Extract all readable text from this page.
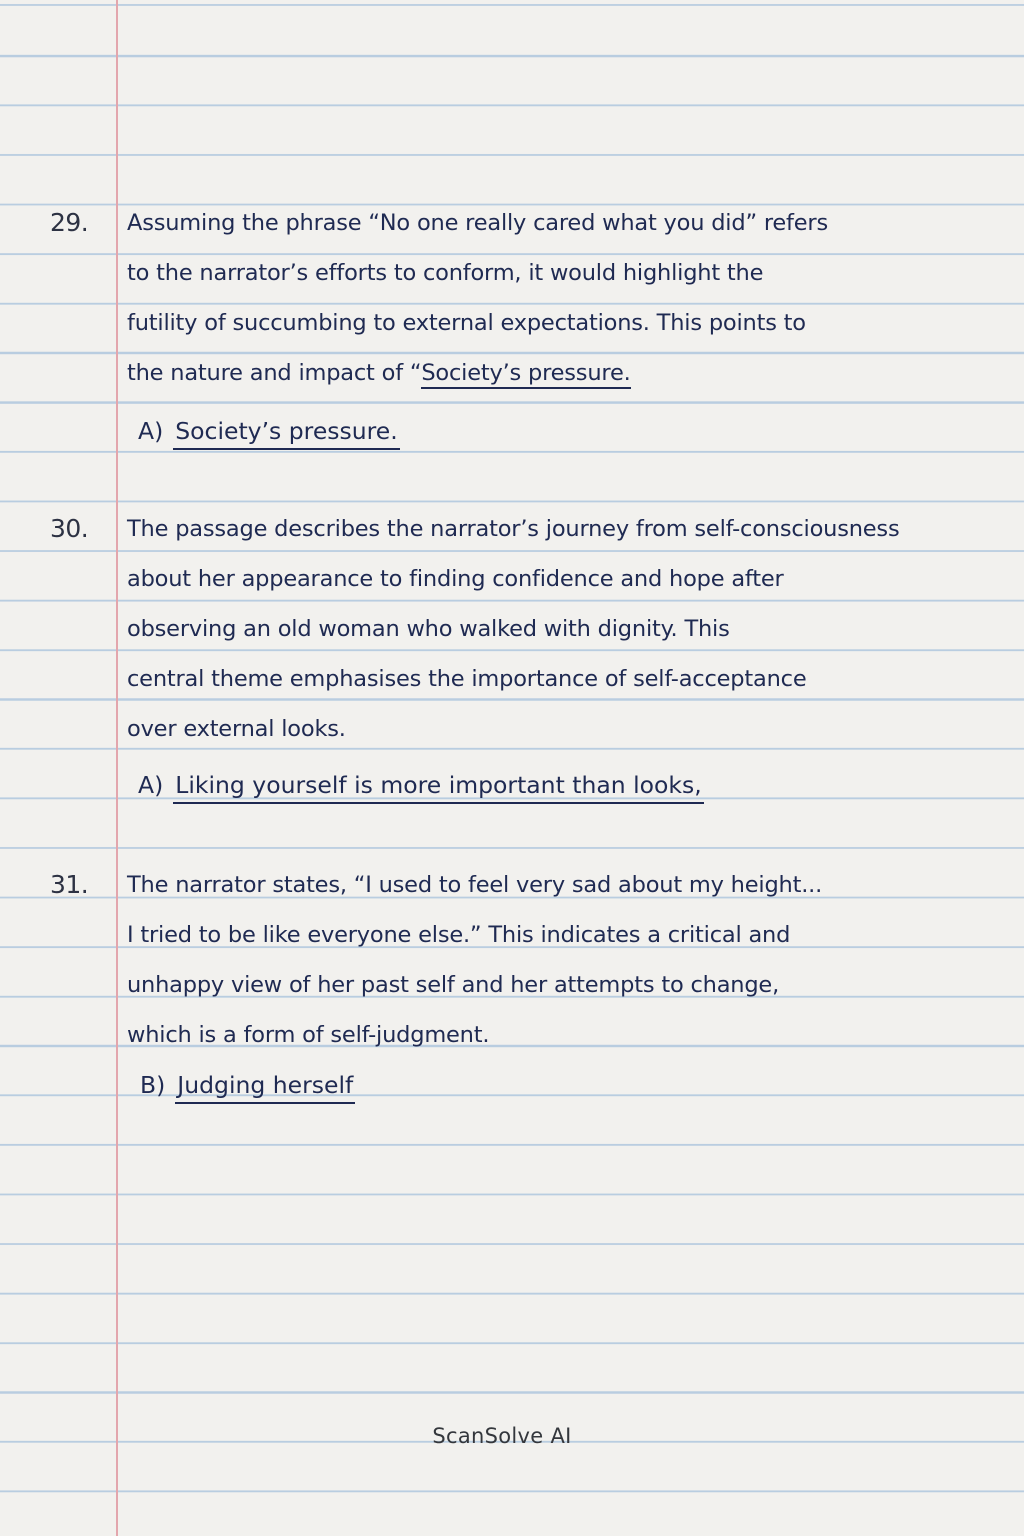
29. Assuming the phrase “No one really cared what you did” refers
to the narrator’s efforts to conform, it would highlight the
futility of succumbing to external expectations. This points to
the nature and impact of “Society’s pressure.
A) Society’s pressure.
30. The passage describes the narrator’s journey from self-consciousness
about her appearance to finding confidence and hope after
observing an old woman who walked with dignity. This
central theme emphasises the importance of self-acceptance
over external looks.
A) Liking yourself is more important than looks,
31. The narrator states, “I used to feel very sad about my height...
I tried to be like everyone else.” This indicates a critical and
unhappy view of her past self and her attempts to change,
which is a form of self-judgment.
B) Judging herself
ScanSolve AI
